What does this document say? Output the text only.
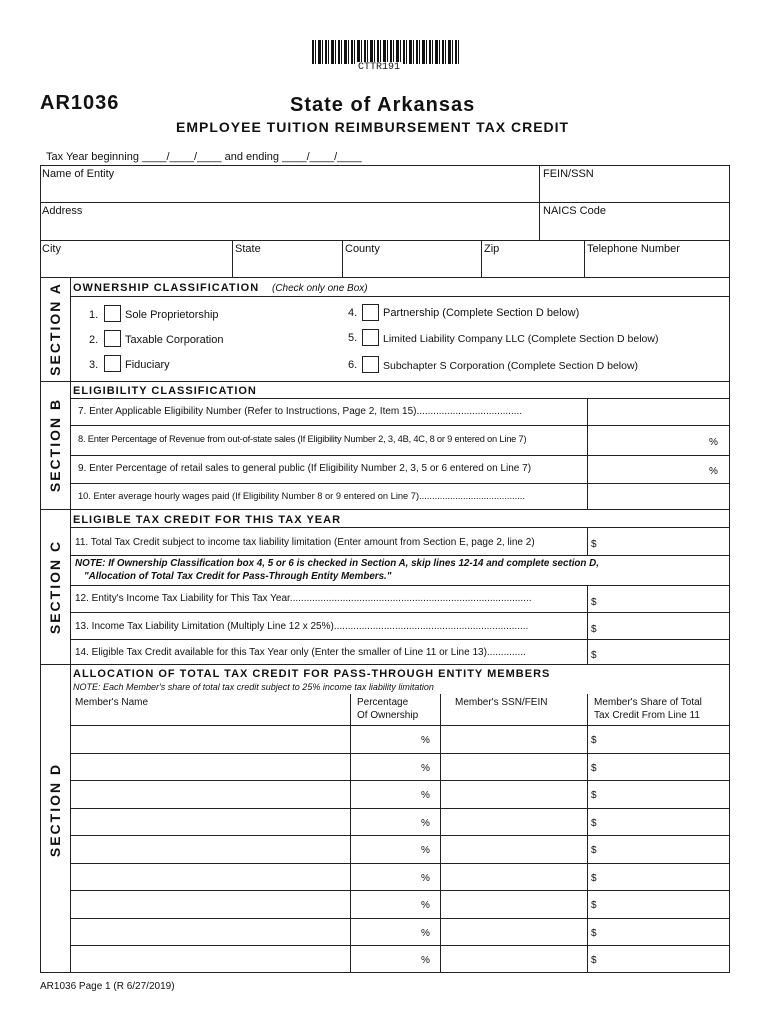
CTTR191
AR1036	State of Arkansas
EMPLOYEE TUITION REIMBURSEMENT TAX CREDIT
Tax Year beginning ____/____/____ and ending ____/____/____
Name of Entity	FEIN/SSN
Address	NAICS Code
City	State	County	Zip	Telephone Number
SECTION A
SECTION B
SECTION C
SECTION D
OWNERSHIP CLASSIFICATION (Check only one Box)
1. Sole Proprietorship
2. Taxable Corporation
3. Fiduciary
4. Partnership (Complete Section D below)
5. Limited Liability Company LLC (Complete Section D below)
6. Subchapter S Corporation (Complete Section D below)
ELIGIBILITY CLASSIFICATION
7. Enter Applicable Eligibility Number (Refer to Instructions, Page 2, Item 15)......................................
8. Enter Percentage of Revenue from out-of-state sales (If Eligibility Number 2, 3, 4B, 4C, 8 or 9 entered on Line 7)	%
9. Enter Percentage of retail sales to general public (If Eligibility Number 2, 3, 5 or 6 entered on Line 7)	%
10. Enter average hourly wages paid (If Eligibility Number 8 or 9 entered on Line 7).........................................
ELIGIBLE TAX CREDIT FOR THIS TAX YEAR
11. Total Tax Credit subject to income tax liability limitation (Enter amount from Section E, page 2, line 2)	$
NOTE: If Ownership Classification box 4, 5 or 6 is checked in Section A, skip lines 12-14 and complete section D,
"Allocation of Total Tax Credit for Pass-Through Entity Members."
12. Entity's Income Tax Liability for This Tax Year.......................................................................................	$
13. Income Tax Liability Limitation (Multiply Line 12 x 25%)......................................................................	$
14. Eligible Tax Credit available for this Tax Year only (Enter the smaller of Line 11 or Line 13)..............	$
ALLOCATION OF TOTAL TAX CREDIT FOR PASS-THROUGH ENTITY MEMBERS
NOTE: Each Member's share of total tax credit subject to 25% income tax liability limitation
Member's Name	Percentage
Of Ownership
Member's SSN/FEIN	Member's Share of Total
Tax Credit From Line 11
%	$
%	$
%	$
%	$
%	$
%	$
%	$
%	$
%	$
AR1036 Page 1 (R 6/27/2019)
